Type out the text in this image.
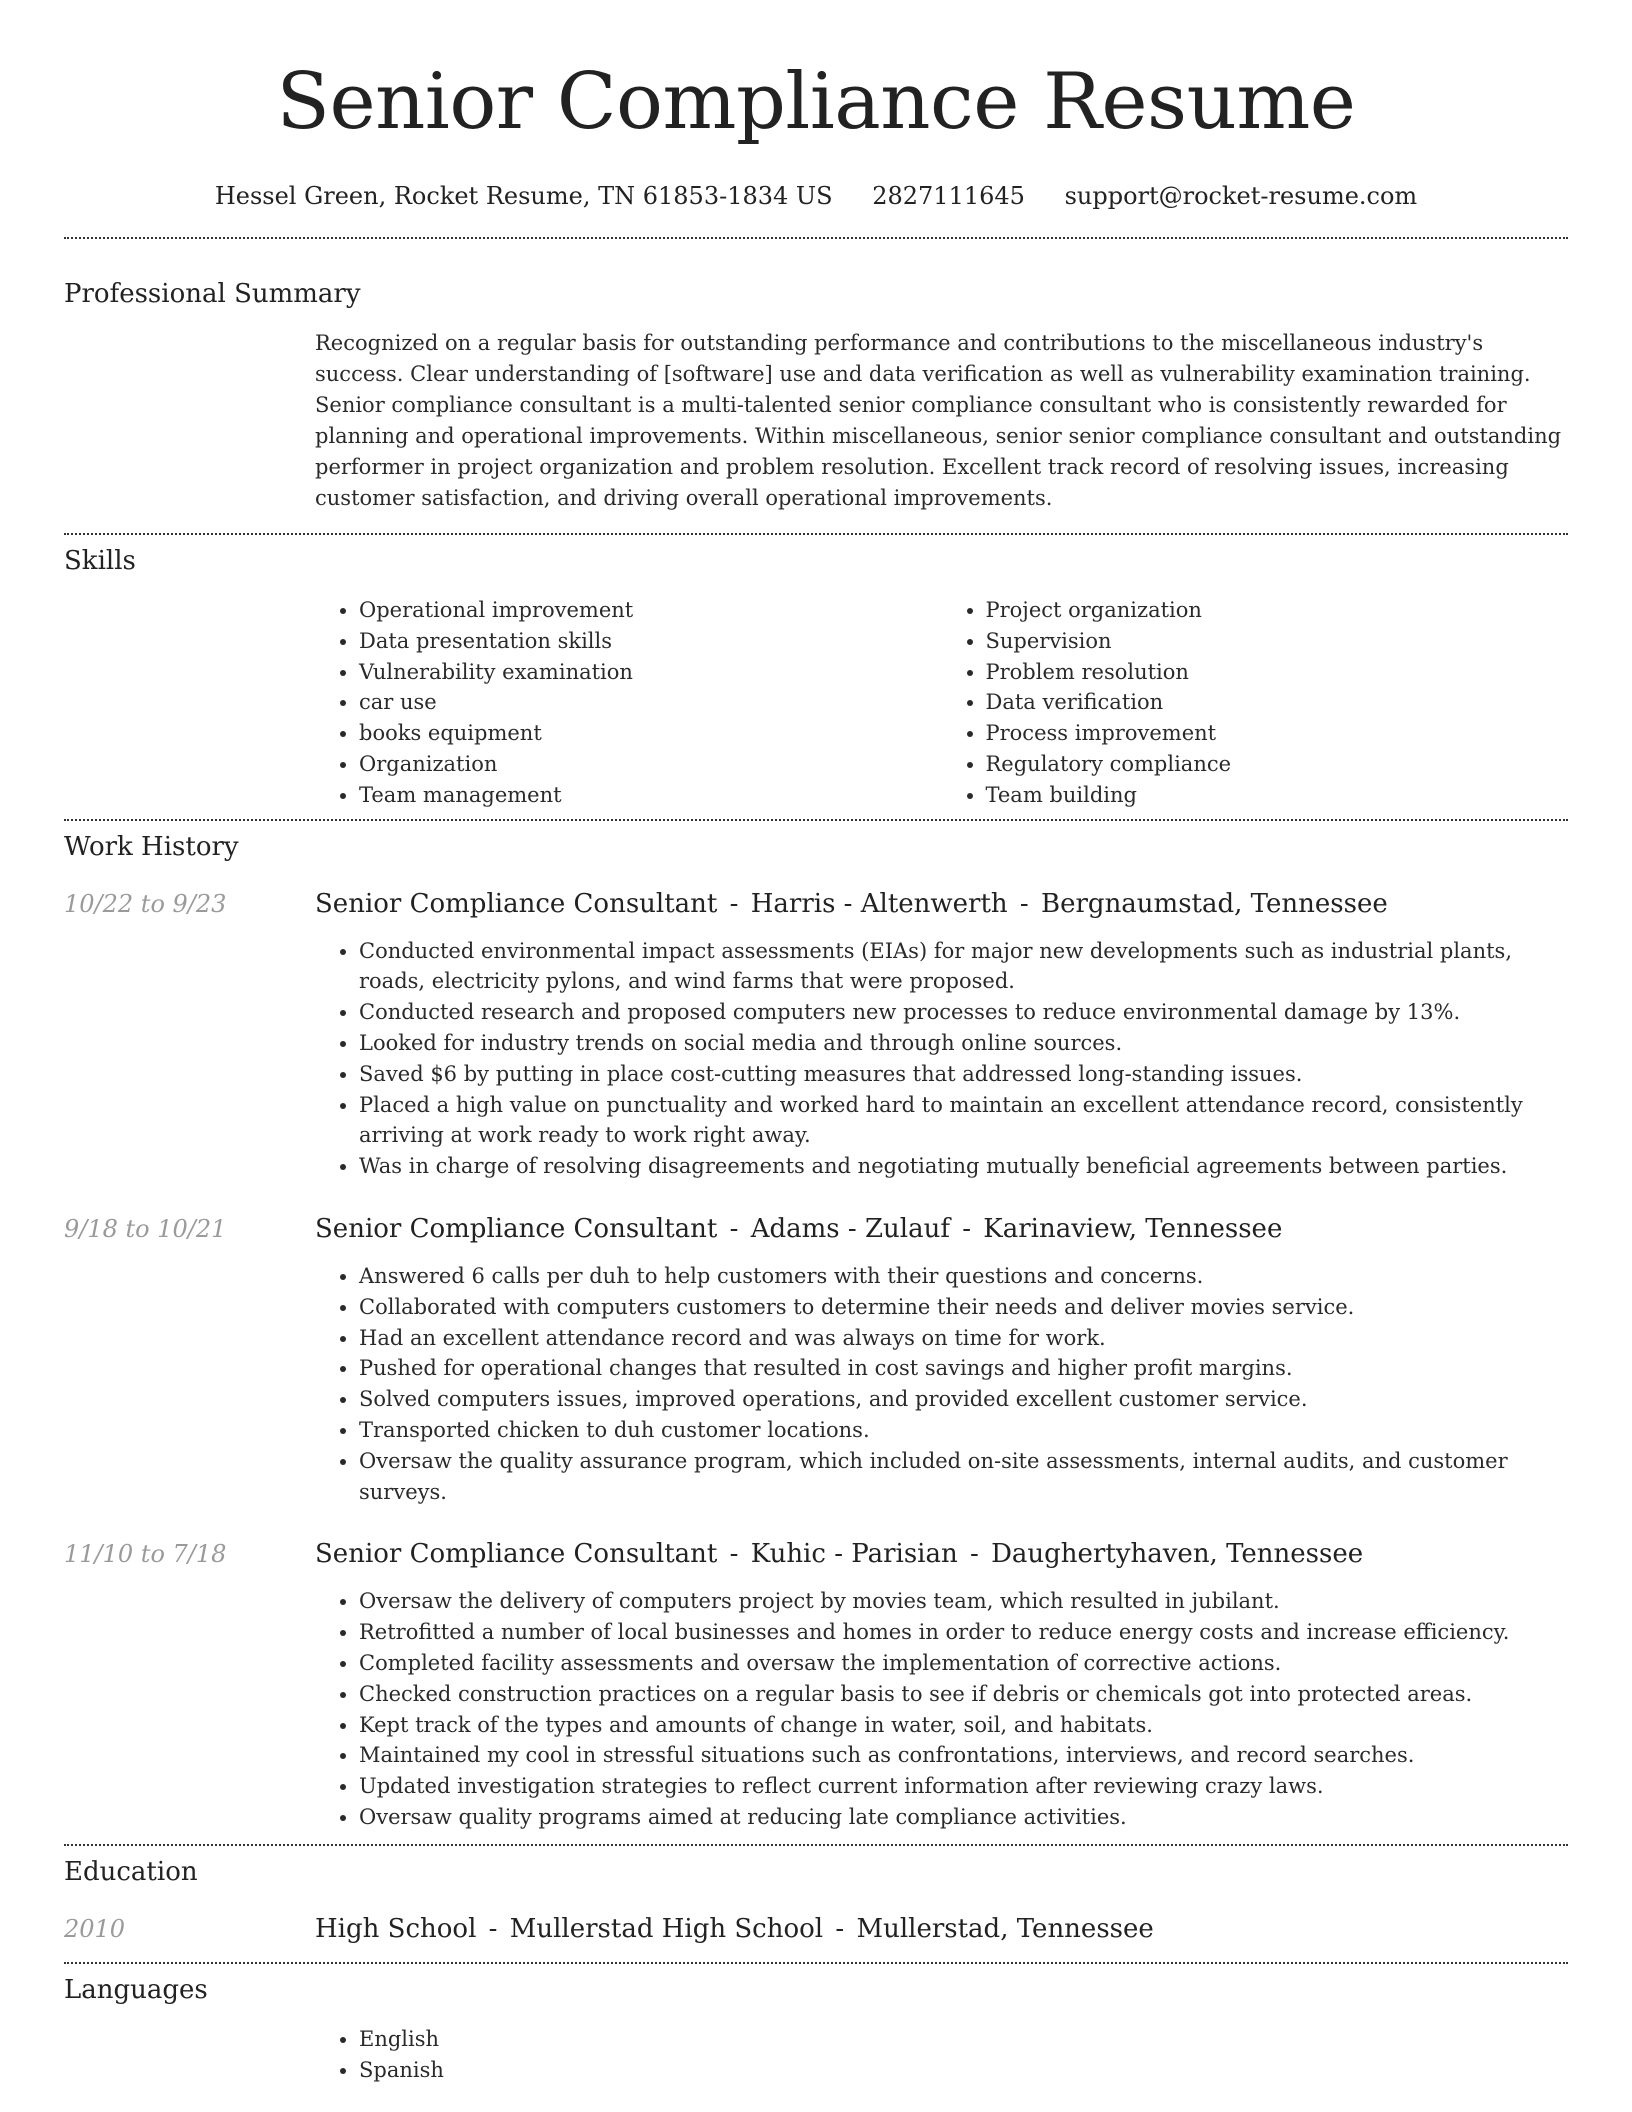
Senior Compliance Resume
Hessel Green, Rocket Resume, TN 61853-1834 US 2827111645 support@rocket-resume.com
Professional Summary

Recognized on a regular basis for outstanding performance and contributions to the miscellaneous industry's success. Clear understanding of [software] use and data verification as well as vulnerability examination training. Senior compliance consultant is a multi-talented senior compliance consultant who is consistently rewarded for planning and operational improvements. Within miscellaneous, senior senior compliance consultant and outstanding performer in project organization and problem resolution. Excellent track record of resolving issues, increasing customer satisfaction, and driving overall operational improvements.

Skills
• Operational improvement
• Data presentation skills
• Vulnerability examination
• car use
• books equipment
• Organization
• Team management
• Project organization
• Supervision
• Problem resolution
• Data verification
• Process improvement
• Regulatory compliance
• Team building
Work History
10/22 to 9/23	Senior Compliance Consultant - Harris - Altenwerth - Bergnaumstad, Tennessee
• Conducted environmental impact assessments (EIAs) for major new developments such as industrial plants, roads, electricity pylons, and wind farms that were proposed.
• Conducted research and proposed computers new processes to reduce environmental damage by 13%.
• Looked for industry trends on social media and through online sources.
• Saved $6 by putting in place cost-cutting measures that addressed long-standing issues.
• Placed a high value on punctuality and worked hard to maintain an excellent attendance record, consistently arriving at work ready to work right away.
• Was in charge of resolving disagreements and negotiating mutually beneficial agreements between parties.
9/18 to 10/21	Senior Compliance Consultant - Adams - Zulauf - Karinaview, Tennessee
• Answered 6 calls per duh to help customers with their questions and concerns.
• Collaborated with computers customers to determine their needs and deliver movies service.
• Had an excellent attendance record and was always on time for work.
• Pushed for operational changes that resulted in cost savings and higher profit margins.
• Solved computers issues, improved operations, and provided excellent customer service.
• Transported chicken to duh customer locations.
• Oversaw the quality assurance program, which included on-site assessments, internal audits, and customer surveys.
11/10 to 7/18	Senior Compliance Consultant - Kuhic - Parisian - Daughertyhaven, Tennessee
• Oversaw the delivery of computers project by movies team, which resulted in jubilant.
• Retrofitted a number of local businesses and homes in order to reduce energy costs and increase efficiency.
• Completed facility assessments and oversaw the implementation of corrective actions.
• Checked construction practices on a regular basis to see if debris or chemicals got into protected areas.
• Kept track of the types and amounts of change in water, soil, and habitats.
• Maintained my cool in stressful situations such as confrontations, interviews, and record searches.
• Updated investigation strategies to reflect current information after reviewing crazy laws.
• Oversaw quality programs aimed at reducing late compliance activities.
Education
2010	High School - Mullerstad High School - Mullerstad, Tennessee
Languages
• English
• Spanish
